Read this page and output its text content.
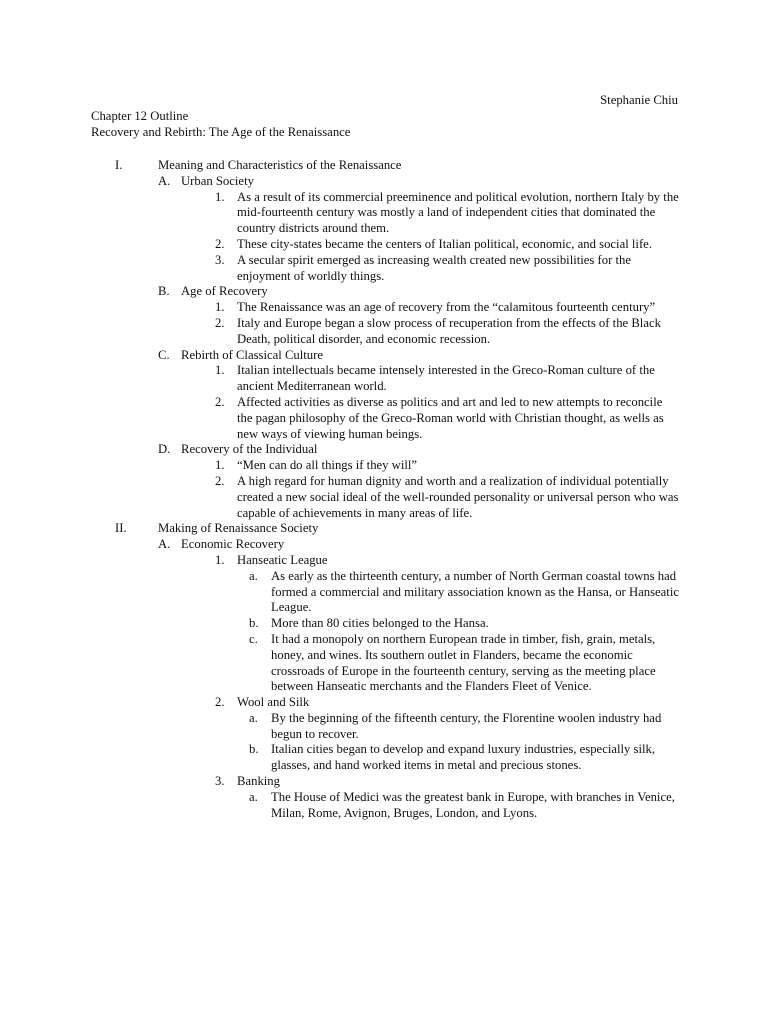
Stephanie Chiu
Chapter 12 Outline
Recovery and Rebirth: The Age of the Renaissance
I.	Meaning and Characteristics of the Renaissance
A. Urban Society
1. As a result of its commercial preeminence and political evolution, northern Italy by the mid-fourteenth century was mostly a land of independent cities that dominated the country districts around them.
2. These city-states became the centers of Italian political, economic, and social life.
3. A secular spirit emerged as increasing wealth created new possibilities for the enjoyment of worldly things.
B. Age of Recovery
1. The Renaissance was an age of recovery from the “calamitous fourteenth century”
2. Italy and Europe began a slow process of recuperation from the effects of the Black Death, political disorder, and economic recession.
C. Rebirth of Classical Culture
1. Italian intellectuals became intensely interested in the Greco-Roman culture of the ancient Mediterranean world.
2. Affected activities as diverse as politics and art and led to new attempts to reconcile the pagan philosophy of the Greco-Roman world with Christian thought, as wells as new ways of viewing human beings.
D. Recovery of the Individual
1. “Men can do all things if they will”
2. A high regard for human dignity and worth and a realization of individual potentially created a new social ideal of the well-rounded personality or universal person who was capable of achievements in many areas of life.
II. Making of Renaissance Society
A. Economic Recovery
1. Hanseatic League
a. As early as the thirteenth century, a number of North German coastal towns had formed a commercial and military association known as the Hansa, or Hanseatic League.
b. More than 80 cities belonged to the Hansa.
c. It had a monopoly on northern European trade in timber, fish, grain, metals, honey, and wines. Its southern outlet in Flanders, became the economic crossroads of Europe in the fourteenth century, serving as the meeting place between Hanseatic merchants and the Flanders Fleet of Venice.
2. Wool and Silk
a. By the beginning of the fifteenth century, the Florentine woolen industry had begun to recover.
b. Italian cities began to develop and expand luxury industries, especially silk, glasses, and hand worked items in metal and precious stones.
3. Banking
a. The House of Medici was the greatest bank in Europe, with branches in Venice, Milan, Rome, Avignon, Bruges, London, and Lyons.
